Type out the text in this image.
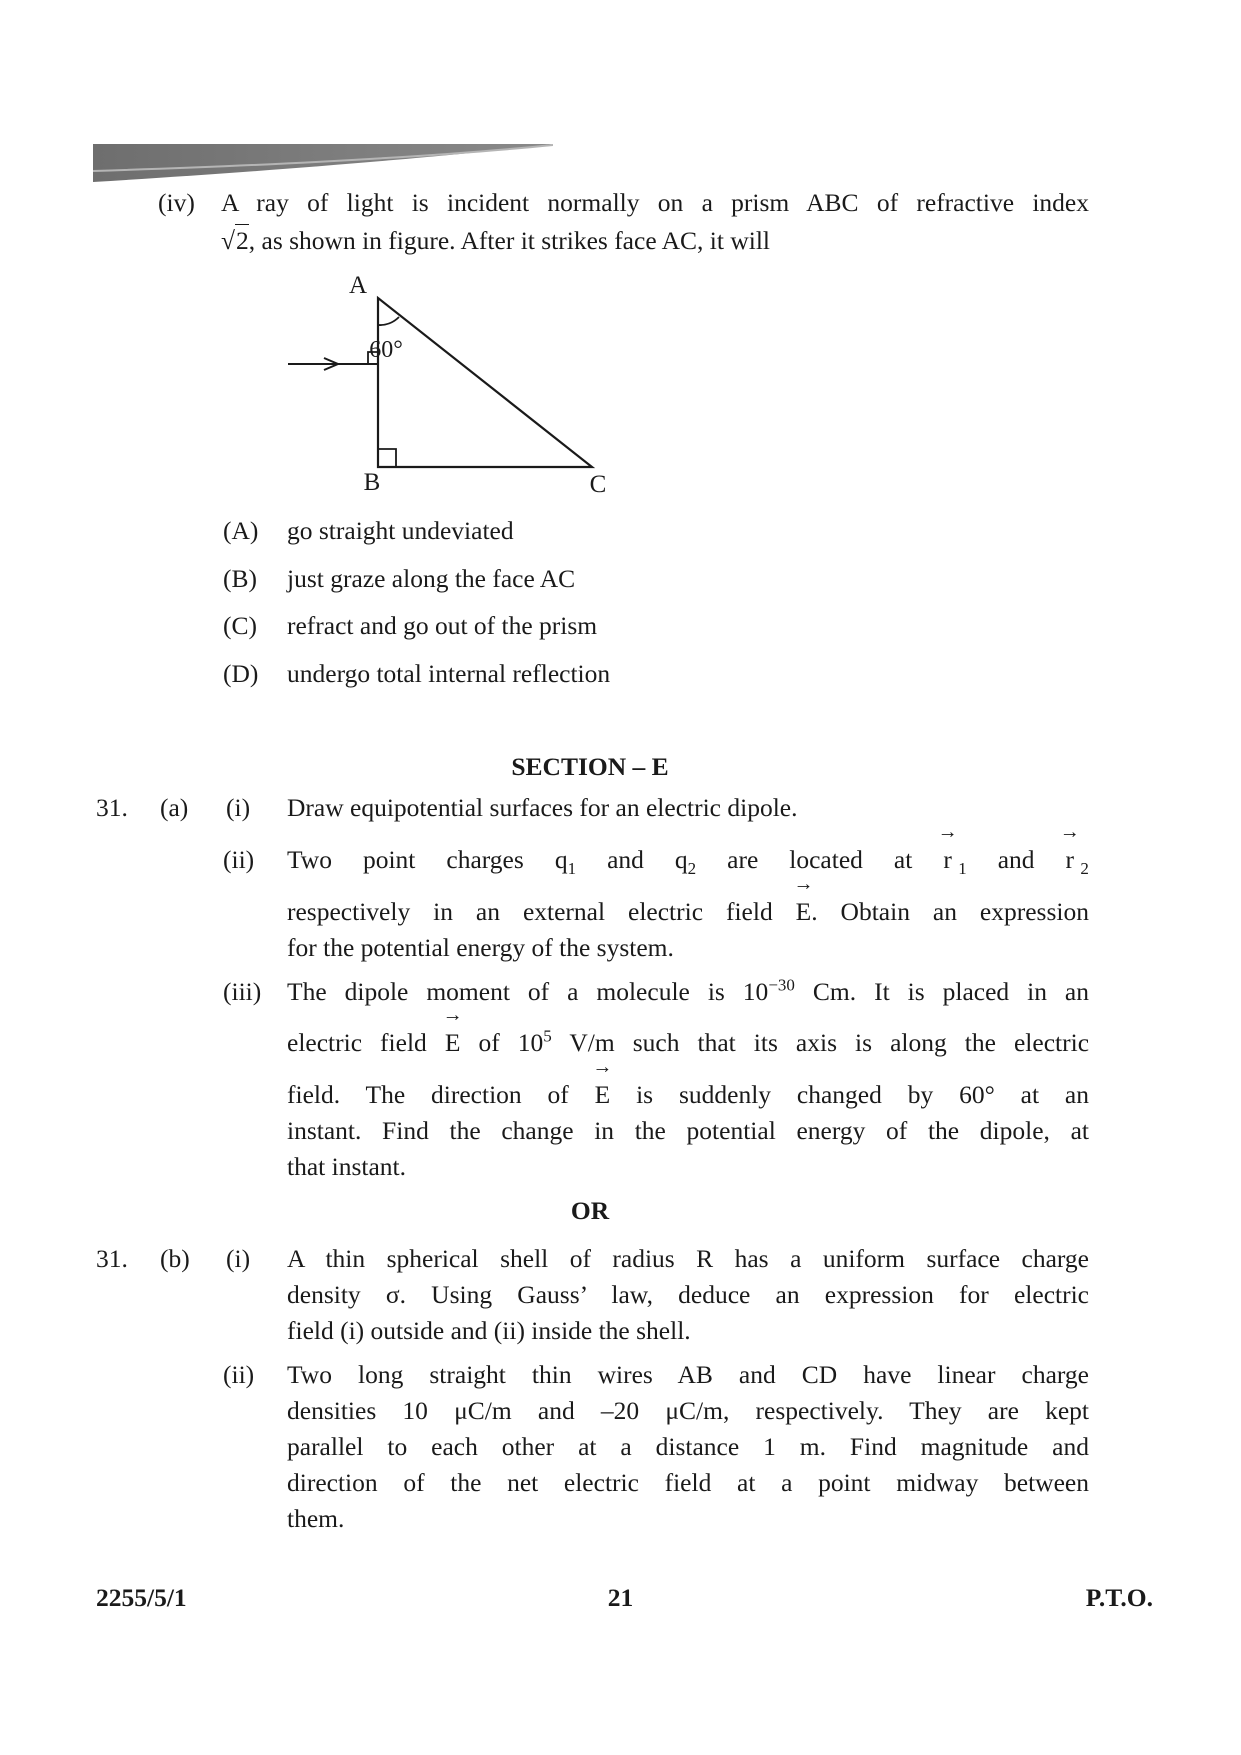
(iv) A ray of light is incident normally on a prism ABC of refractive index
√2, as shown in figure. After it strikes face AC, it will
A
B	C
60°
(A) go straight undeviated
(B) just graze along the face AC
(C) refract and go out of the prism
(D) undergo total internal reflection
SECTION – E
31. (a) (i) Draw equipotential surfaces for an electric dipole.
(ii) Two point charges $q_1$ and $q_2$ are located at → r $_1$ and → r $_2$
respectively in an external electric field → E. Obtain an expression
for the potential energy of the system.
(iii) The dipole moment of a molecule is $10^{-30}$ Cm. It is placed in an
electric field → E of $10^5$ V/m such that its axis is along the electric
field. The direction of → E is suddenly changed by 60° at an
instant. Find the change in the potential energy of the dipole, at
that instant.
OR
31. (b) (i) A thin spherical shell of radius R has a uniform surface charge
density σ. Using Gauss’ law, deduce an expression for electric
field (i) outside and (ii) inside the shell.
(ii) Two long straight thin wires AB and CD have linear charge
densities 10 μC/m and –20 μC/m, respectively. They are kept
parallel to each other at a distance 1 m. Find magnitude and
direction of the net electric field at a point midway between
them.
2255/5/1	21	P.T.O.
